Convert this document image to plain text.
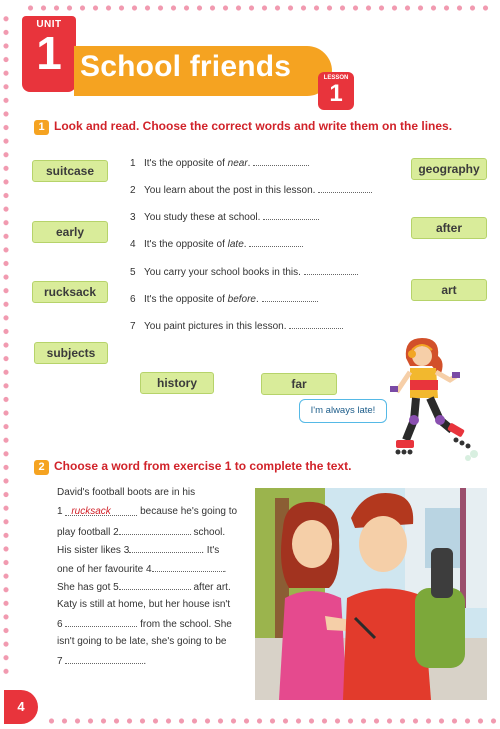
UNIT
1 School friends	LESSON
1
1 Look and read. Choose the correct words and write them on the lines.
suitcase
early
rucksack
subjects
history	far
geography
after
art
1 It's the opposite of near.
2 You learn about the post in this lesson.
3 You study these at school.
4 It's the opposite of late.
5 You carry your school books in this.
6 It's the opposite of before.
7 You paint pictures in this lesson.
I'm always late!
2 Choose a word from exercise 1 to complete the text.
David's football boots are in his
1 rucksack	because he's going to
play football 2	school.
His sister likes 3	. It's
one of her favourite 4	.
She has got 5	after art.
Katy is still at home, but her house isn't
6	from the school. She
isn't going to be late, she's going to be
7	.
4
